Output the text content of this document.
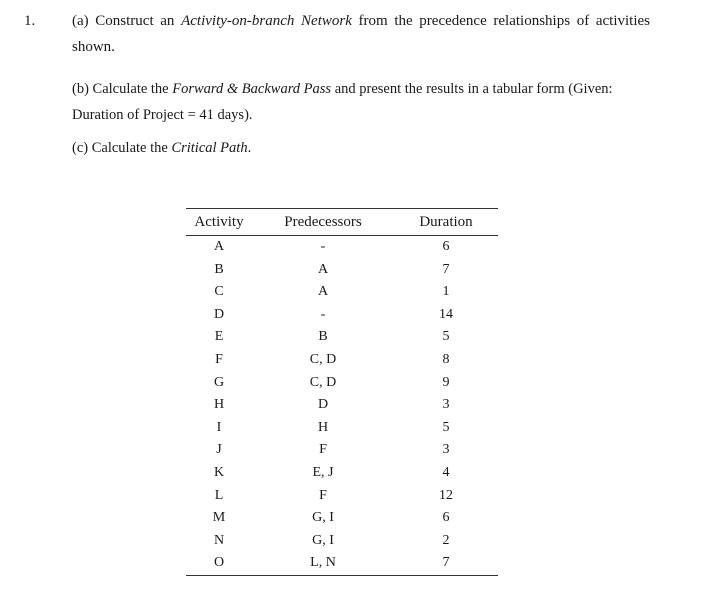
1. (a) Construct an Activity-on-branch Network from the precedence relationships of activities shown.
(b) Calculate the Forward & Backward Pass and present the results in a tabular form (Given: Duration of Project = 41 days).
(c) Calculate the Critical Path.
Activity	Predecessors	Duration
A	-	6
B	A	7
C	A	1
D	-	14
E	B	5
F	C, D	8
G	C, D	9
H	D	3
I	H	5
J	F	3
K	E, J	4
L	F	12
M	G, I	6
N	G, I	2
O	L, N	7
